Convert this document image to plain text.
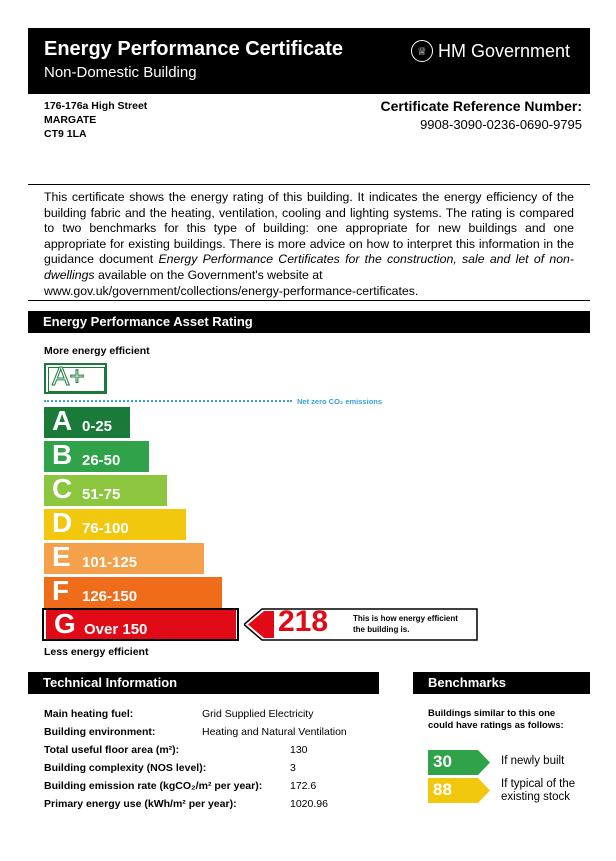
Energy Performance Certificate
Non-Domestic Building
♕ HM Government
176-176a High Street
MARGATE
CT9 1LA
Certificate Reference Number:
9908-3090-0236-0690-9795
This certificate shows the energy rating of this building. It indicates the energy efficiency of the building fabric and the heating, ventilation, cooling and lighting systems. The rating is compared to two benchmarks for this type of building: one appropriate for new buildings and one appropriate for existing buildings. There is more advice on how to interpret this information in the guidance document Energy Performance Certificates for the construction, sale and let of non-dwellings available on the Government's website at
www.gov.uk/government/collections/energy-performance-certificates.
Energy Performance Asset Rating
More energy efficient
A+
Net zero CO₂ emissions
A 0-25
B 26-50
C 51-75
D 76-100
E 101-125
F 126-150
G Over 150	218	This is how energy efficient
the building is.
Less energy efficient
Technical Information
Main heating fuel:	Grid Supplied Electricity
Building environment:	Heating and Natural Ventilation
Total useful floor area (m²):	130
Building complexity (NOS level):	3
Building emission rate (kgCO₂/m² per year):	172.6
Primary energy use (kWh/m² per year):	1020.96
Benchmarks
Buildings similar to this one could have ratings as follows:
30	If newly built
88	If typical of the
existing stock
